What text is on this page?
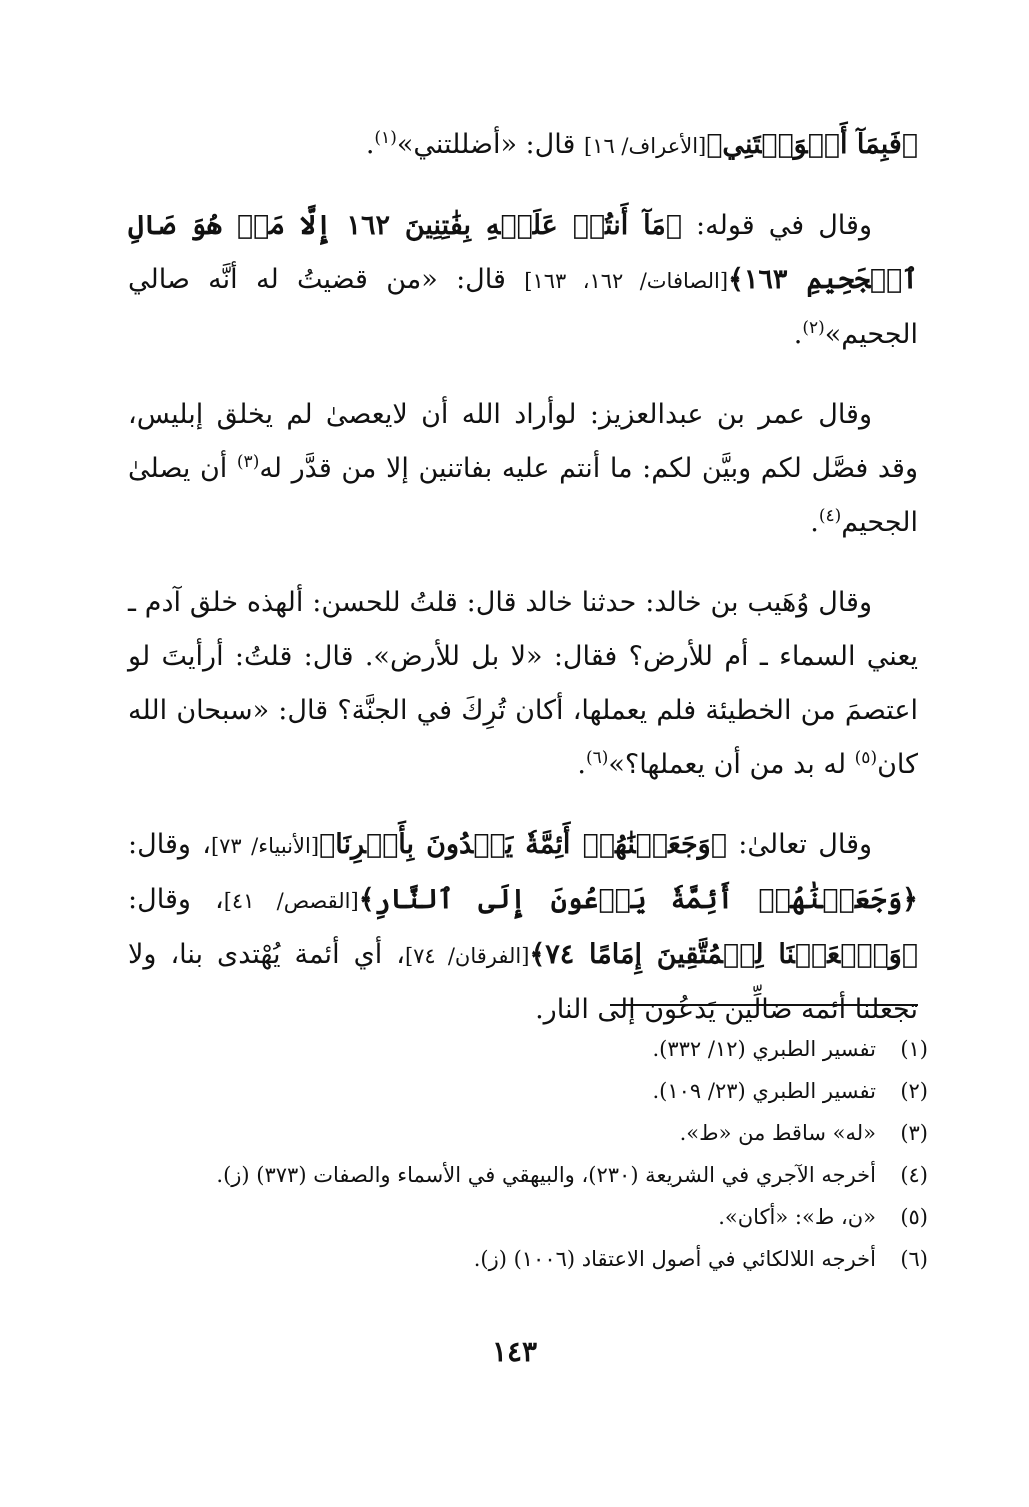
﴿فَبِمَآ أَغۡوَيۡتَنِي﴾[الأعراف/ ١٦] قال: «أضللتني»$^{(١)}$.

وقال في قوله: ﴿مَآ أَنتُمۡ عَلَيۡهِ بِفَٰتِنِينَ ١٦٢ إِلَّا مَنۡ هُوَ صَالِ ٱلۡجَحِيمِ ١٦٣﴾[الصافات/ ١٦٢، ١٦٣] قال: «من قضيتُ له أنَّه صالي الجحيم»$^{(٢)}$.

وقال عمر بن عبدالعزيز: لوأراد الله أن لايعصىٰ لم يخلق إبليس، وقد فصَّل لكم وبيَّن لكم: ما أنتم عليه بفاتنين إلا من قدَّر له$^{(٣)}$ أن يصلىٰ الجحيم$^{(٤)}$.

وقال وُهَيب بن خالد: حدثنا خالد قال: قلتُ للحسن: ألهذه خلق آدم ـ يعني السماء ـ أم للأرض؟ فقال: «لا بل للأرض». قال: قلتُ: أرأيتَ لو اعتصمَ من الخطيئة فلم يعملها، أكان تُرِكَ في الجنَّة؟ قال: «سبحان الله كان$^{(٥)}$ له بد من أن يعملها؟»$^{(٦)}$.

وقال تعالىٰ: ﴿وَجَعَلۡنَٰهُمۡ أَئِمَّةٗ يَهۡدُونَ بِأَمۡرِنَا﴾[الأنبياء/ ٧٣]، وقال: ﴿وَجَعَلۡنَٰهُمۡ أَئِمَّةٗ يَدۡعُونَ إِلَى ٱلنَّارِ﴾[القصص/ ٤١]، وقال: ﴿وَٱجۡعَلۡنَا لِلۡمُتَّقِينَ إِمَامًا ٧٤﴾[الفرقان/ ٧٤]، أي أئمة يُهْتدى بنا، ولا تجعلنا أئمة ضالِّين يَدعُون إلى النار.

(١)
تفسير الطبري (١٢/ ٣٣٢).
(٢)
تفسير الطبري (٢٣/ ١٠٩).
(٣)
«له» ساقط من «ط».
(٤)
أخرجه الآجري في الشريعة (٢٣٠)، والبيهقي في الأسماء والصفات (٣٧٣) (ز).
(٥)
«ن، ط»: «أكان».
(٦)
أخرجه اللالكائي في أصول الاعتقاد (١٠٠٦) (ز).
١٤٣
